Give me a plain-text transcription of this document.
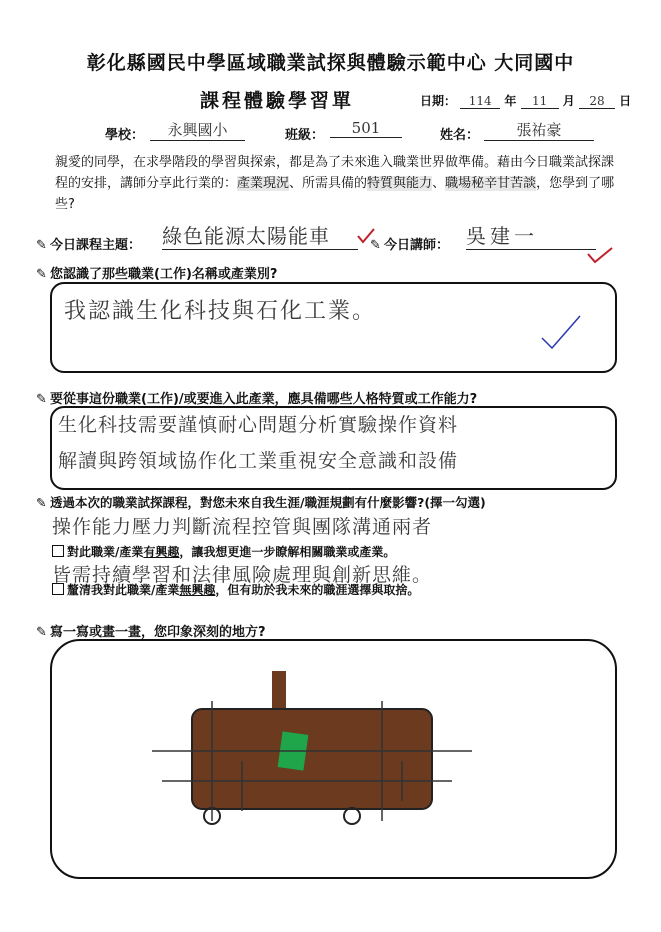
彰化縣國民中學區域職業試探與體驗示範中心 大同國中
課程體驗學習單	日期： 114 年 11 月 28 日
學校：	永興國小	班級：	501	姓名：	張祐豪
親愛的同學，在求學階段的學習與探索，都是為了未來進入職業世界做準備。藉由今日職業試探課程的安排，講師分享此行業的：產業現況、所需具備的特質與能力、職場秘辛甘苦談，您學到了哪些?
✎ 今日課程主題： 綠色能源太陽能車	✎ 今日講師： 吳建一
✎ 您認識了那些職業(工作)名稱或產業別?
我認識生化科技與石化工業。
✎ 要從事這份職業(工作)/或要進入此產業，應具備哪些人格特質或工作能力?
生化科技需要謹慎耐心問題分析實驗操作資料
解讀與跨領域協作化工業重視安全意識和設備
操作能力壓力判斷流程控管與團隊溝通兩者
皆需持續學習和法律風險處理與創新思維。
✎ 透過本次的職業試探課程，對您未來自我生涯/職涯規劃有什麼影響?(擇一勾選)
對此職業/產業有興趣，讓我想更進一步瞭解相關職業或產業。
釐清我對此職業/產業無興趣，但有助於我未來的職涯選擇與取捨。
✎ 寫一寫或畫一畫，您印象深刻的地方?
